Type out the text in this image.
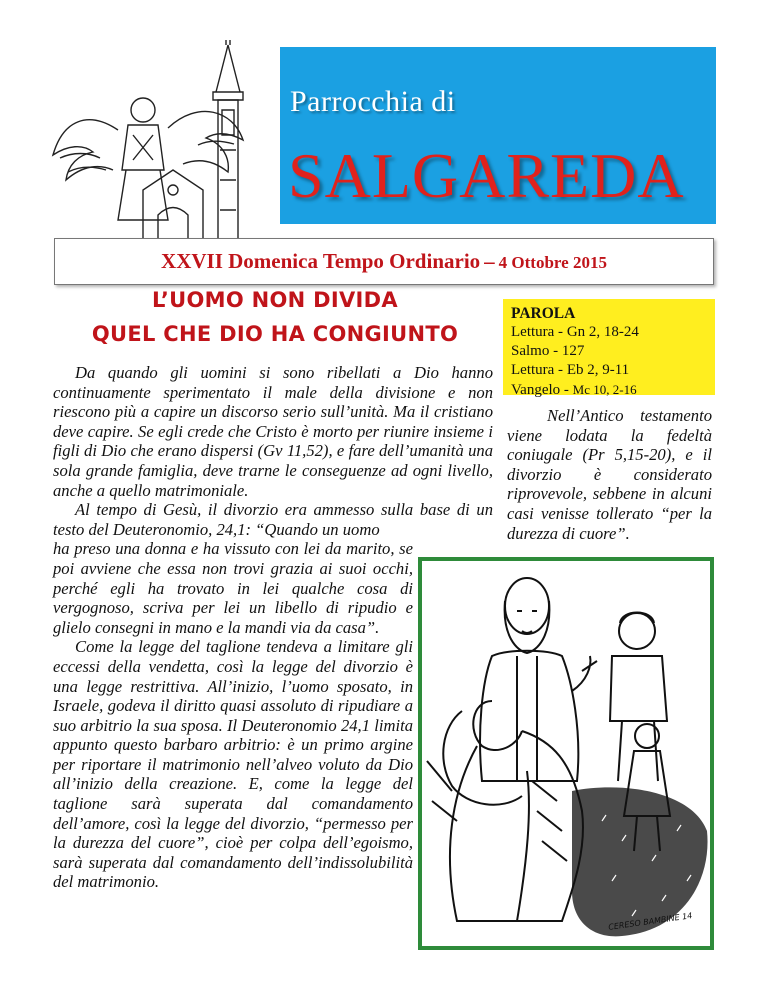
Parrocchia di
SALGAREDA
XXVII Domenica Tempo Ordinario – 4 Ottobre 2015
L’UOMO NON DIVIDA
QUEL CHE DIO HA CONGIUNTO

Da quando gli uomini si sono ribellati a Dio hanno continuamente sperimentato il male della divisione e non riescono più a capire un discorso serio sull’unità. Ma il cristiano deve capire. Se egli crede che Cristo è morto per riunire insieme i figli di Dio che erano dispersi (Gv 11,52), e fare dell’umanità una sola grande famiglia, deve trarne le conseguenze ad ogni livello, anche a quello matrimoniale.

Al tempo di Gesù, il divorzio era ammesso sulla base di un testo del Deuteronomio, 24,1: “Quando un uomo

ha preso una donna e ha vissuto con lei da marito, se poi avviene che essa non trovi grazia ai suoi occhi, perché egli ha trovato in lei qualche cosa di vergognoso, scriva per lei un libello di ripudio e glielo consegni in mano e la mandi via da casa”.

Come la legge del taglione tendeva a limitare gli eccessi della vendetta, così la legge del divorzio è una legge restrittiva. All’inizio, l’uomo sposato, in Israele, godeva il diritto quasi assoluto di ripudiare a suo arbitrio la sua sposa. Il Deuteronomio 24,1 limita appunto questo barbaro arbitrio: è un primo argine per riportare il matrimonio nell’alveo voluto da Dio all’inizio della creazione. E, come la legge del taglione sarà superata dal comandamento dell’amore, così la legge del divorzio, “permesso per la durezza del cuore”, cioè per colpa dell’egoismo, sarà superata dal comandamento dell’indissolubilità del matrimonio.

PAROLA
Lettura - Gn 2, 18-24
Salmo - 127
Lettura - Eb 2, 9-11
Vangelo - Mc 10, 2-16

Nell’Antico testamento viene lodata la fedeltà coniugale (Pr 5,15-20), e il divorzio è considerato riprovevole, sebbene in alcuni casi venisse tollerato “per la durezza di cuore”.

CERESO BAMBINE 14
